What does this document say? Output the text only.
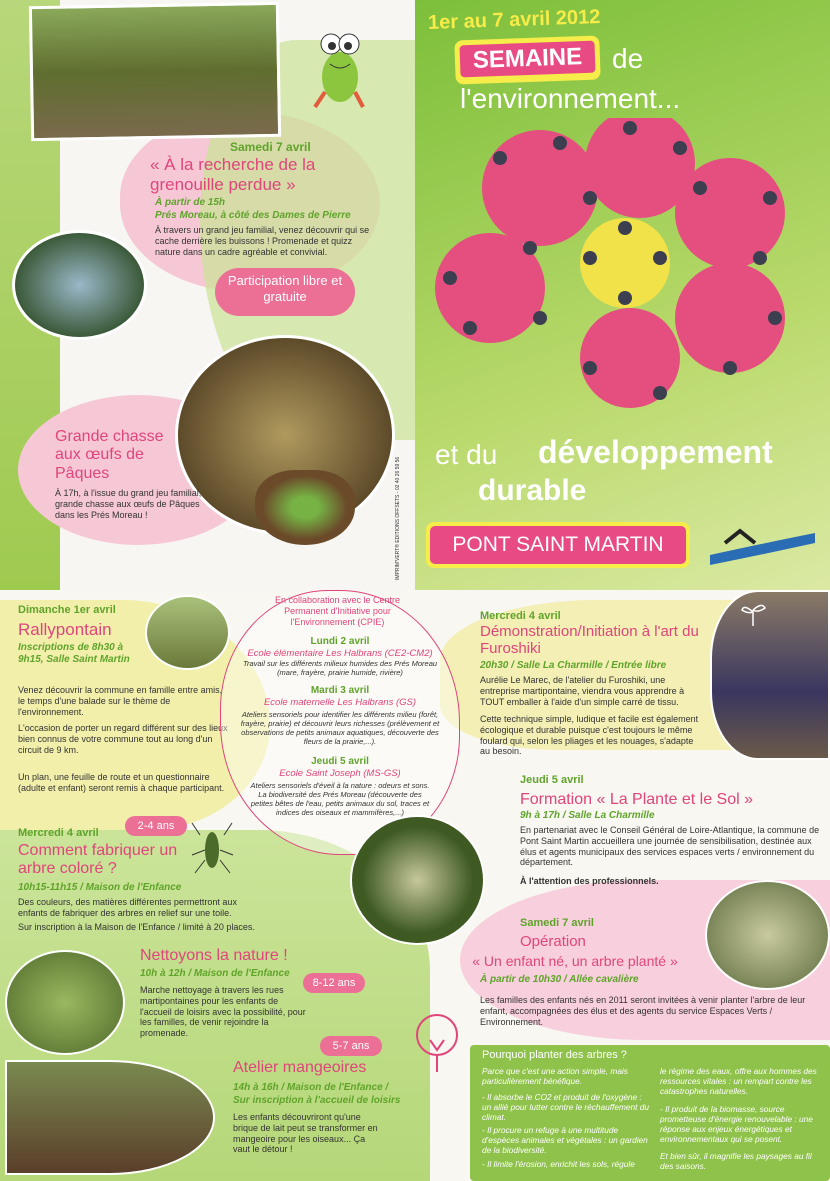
Samedi 7 avril
« À la recherche de la grenouille perdue »
À partir de 15h
Prés Moreau, à côté des Dames de Pierre
À travers un grand jeu familial, venez découvrir qui se cache derrière les buissons ! Promenade et quizz nature dans un cadre agréable et convivial.
Participation libre et gratuite
Grande chasse aux œufs de Pâques
À 17h, à l'issue du grand jeu familial, grande chasse aux œufs de Pâques dans les Prés Moreau !	IMPRIM'VERT® EDITIONS OFFSETS - 02 40 26 59 56
1er au 7 avril 2012
SEMAINE	de
l'environnement...
et du développement
durable
PONT SAINT MARTIN
Dimanche 1er avril
Rallypontain
Inscriptions de 8h30 à 9h15, Salle Saint Martin
Venez découvrir la commune en famille entre amis, le temps d'une balade sur le thème de l'environnement.
L'occasion de porter un regard différent sur des lieux bien connus de votre commune tout au long d'un circuit de 9 km.
Un plan, une feuille de route et un questionnaire (adulte et enfant) seront remis à chaque participant.
Mercredi 4 avril
2-4 ans
Comment fabriquer un arbre coloré ?
10h15-11h15 / Maison de l'Enfance
Des couleurs, des matières différentes permettront aux enfants de fabriquer des arbres en relief sur une toile.
Sur inscription à la Maison de l'Enfance / limité à 20 places.
Nettoyons la nature !
10h à 12h / Maison de l'Enfance
8-12 ans
Marche nettoyage à travers les rues martipontaines pour les enfants de l'accueil de loisirs avec la possibilité, pour les familles, de venir rejoindre la promenade.
5-7 ans
Atelier mangeoires
14h à 16h / Maison de l'Enfance /
Sur inscription à l'accueil de loisirs
Les enfants découvriront qu'une brique de lait peut se transformer en mangeoire pour les oiseaux... Ça vaut le détour !
En collaboration avec le Centre Permanent d'Initiative pour l'Environnement (CPIE)
Lundi 2 avril
Ecole élémentaire Les Halbrans (CE2-CM2)
Travail sur les différents milieux humides des Prés Moreau (mare, frayère, prairie humide, rivière)
Mardi 3 avril
Ecole maternelle Les Halbrans (GS)
Ateliers sensoriels pour identifier les différents milieu (forêt, frayère, prairie) et découvrir leurs richesses (prélèvement et observations de petits animaux aquatiques, découverte des fleurs de la prairie,...).
Jeudi 5 avril
Ecole Saint Joseph (MS-GS)
Ateliers sensoriels d'éveil à la nature : odeurs et sons. La biodiversité des Prés Moreau (découverte des petites bêtes de l'eau, petits animaux du sol, traces et indices des oiseaux et mammifères,...)
Mercredi 4 avril
Démonstration/Initiation à l'art du Furoshiki
20h30 / Salle La Charmille / Entrée libre
Aurélie Le Marec, de l'atelier du Furoshiki, une entreprise martipontaine, viendra vous apprendre à TOUT emballer à l'aide d'un simple carré de tissu.
Cette technique simple, ludique et facile est également écologique et durable puisque c'est toujours le même foulard qui, selon les pliages et les nouages, s'adapte au besoin.
Jeudi 5 avril
Formation « La Plante et le Sol »
9h à 17h / Salle La Charmille
En partenariat avec le Conseil Général de Loire-Atlantique, la commune de Pont Saint Martin accueillera une journée de sensibilisation, destinée aux élus et agents municipaux des services espaces verts / environnement du département.
À l'attention des professionnels.
Samedi 7 avril
Opération
« Un enfant né, un arbre planté »
À partir de 10h30 / Allée cavalière
Les familles des enfants nés en 2011 seront invitées à venir planter l'arbre de leur enfant, accompagnées des élus et des agents du service Espaces Verts / Environnement.
Pourquoi planter des arbres ?
Parce que c'est une action simple, mais particulièrement bénéfique.
- Il absorbe le CO2 et produit de l'oxygène : un allié pour lutter contre le réchauffement du climat.
- Il procure un refuge à une multitude d'espèces animales et végétales : un gardien de la biodiversité.
- Il limite l'érosion, enrichit les sols, régule
le régime des eaux, offre aux hommes des ressources vitales : un rempart contre les catastrophes naturelles.
- Il produit de la biomasse, source prometteuse d'énergie renouvelable : une réponse aux enjeux énergétiques et environnementaux qui se posent.
Et bien sûr, il magnifie les paysages au fil des saisons.
